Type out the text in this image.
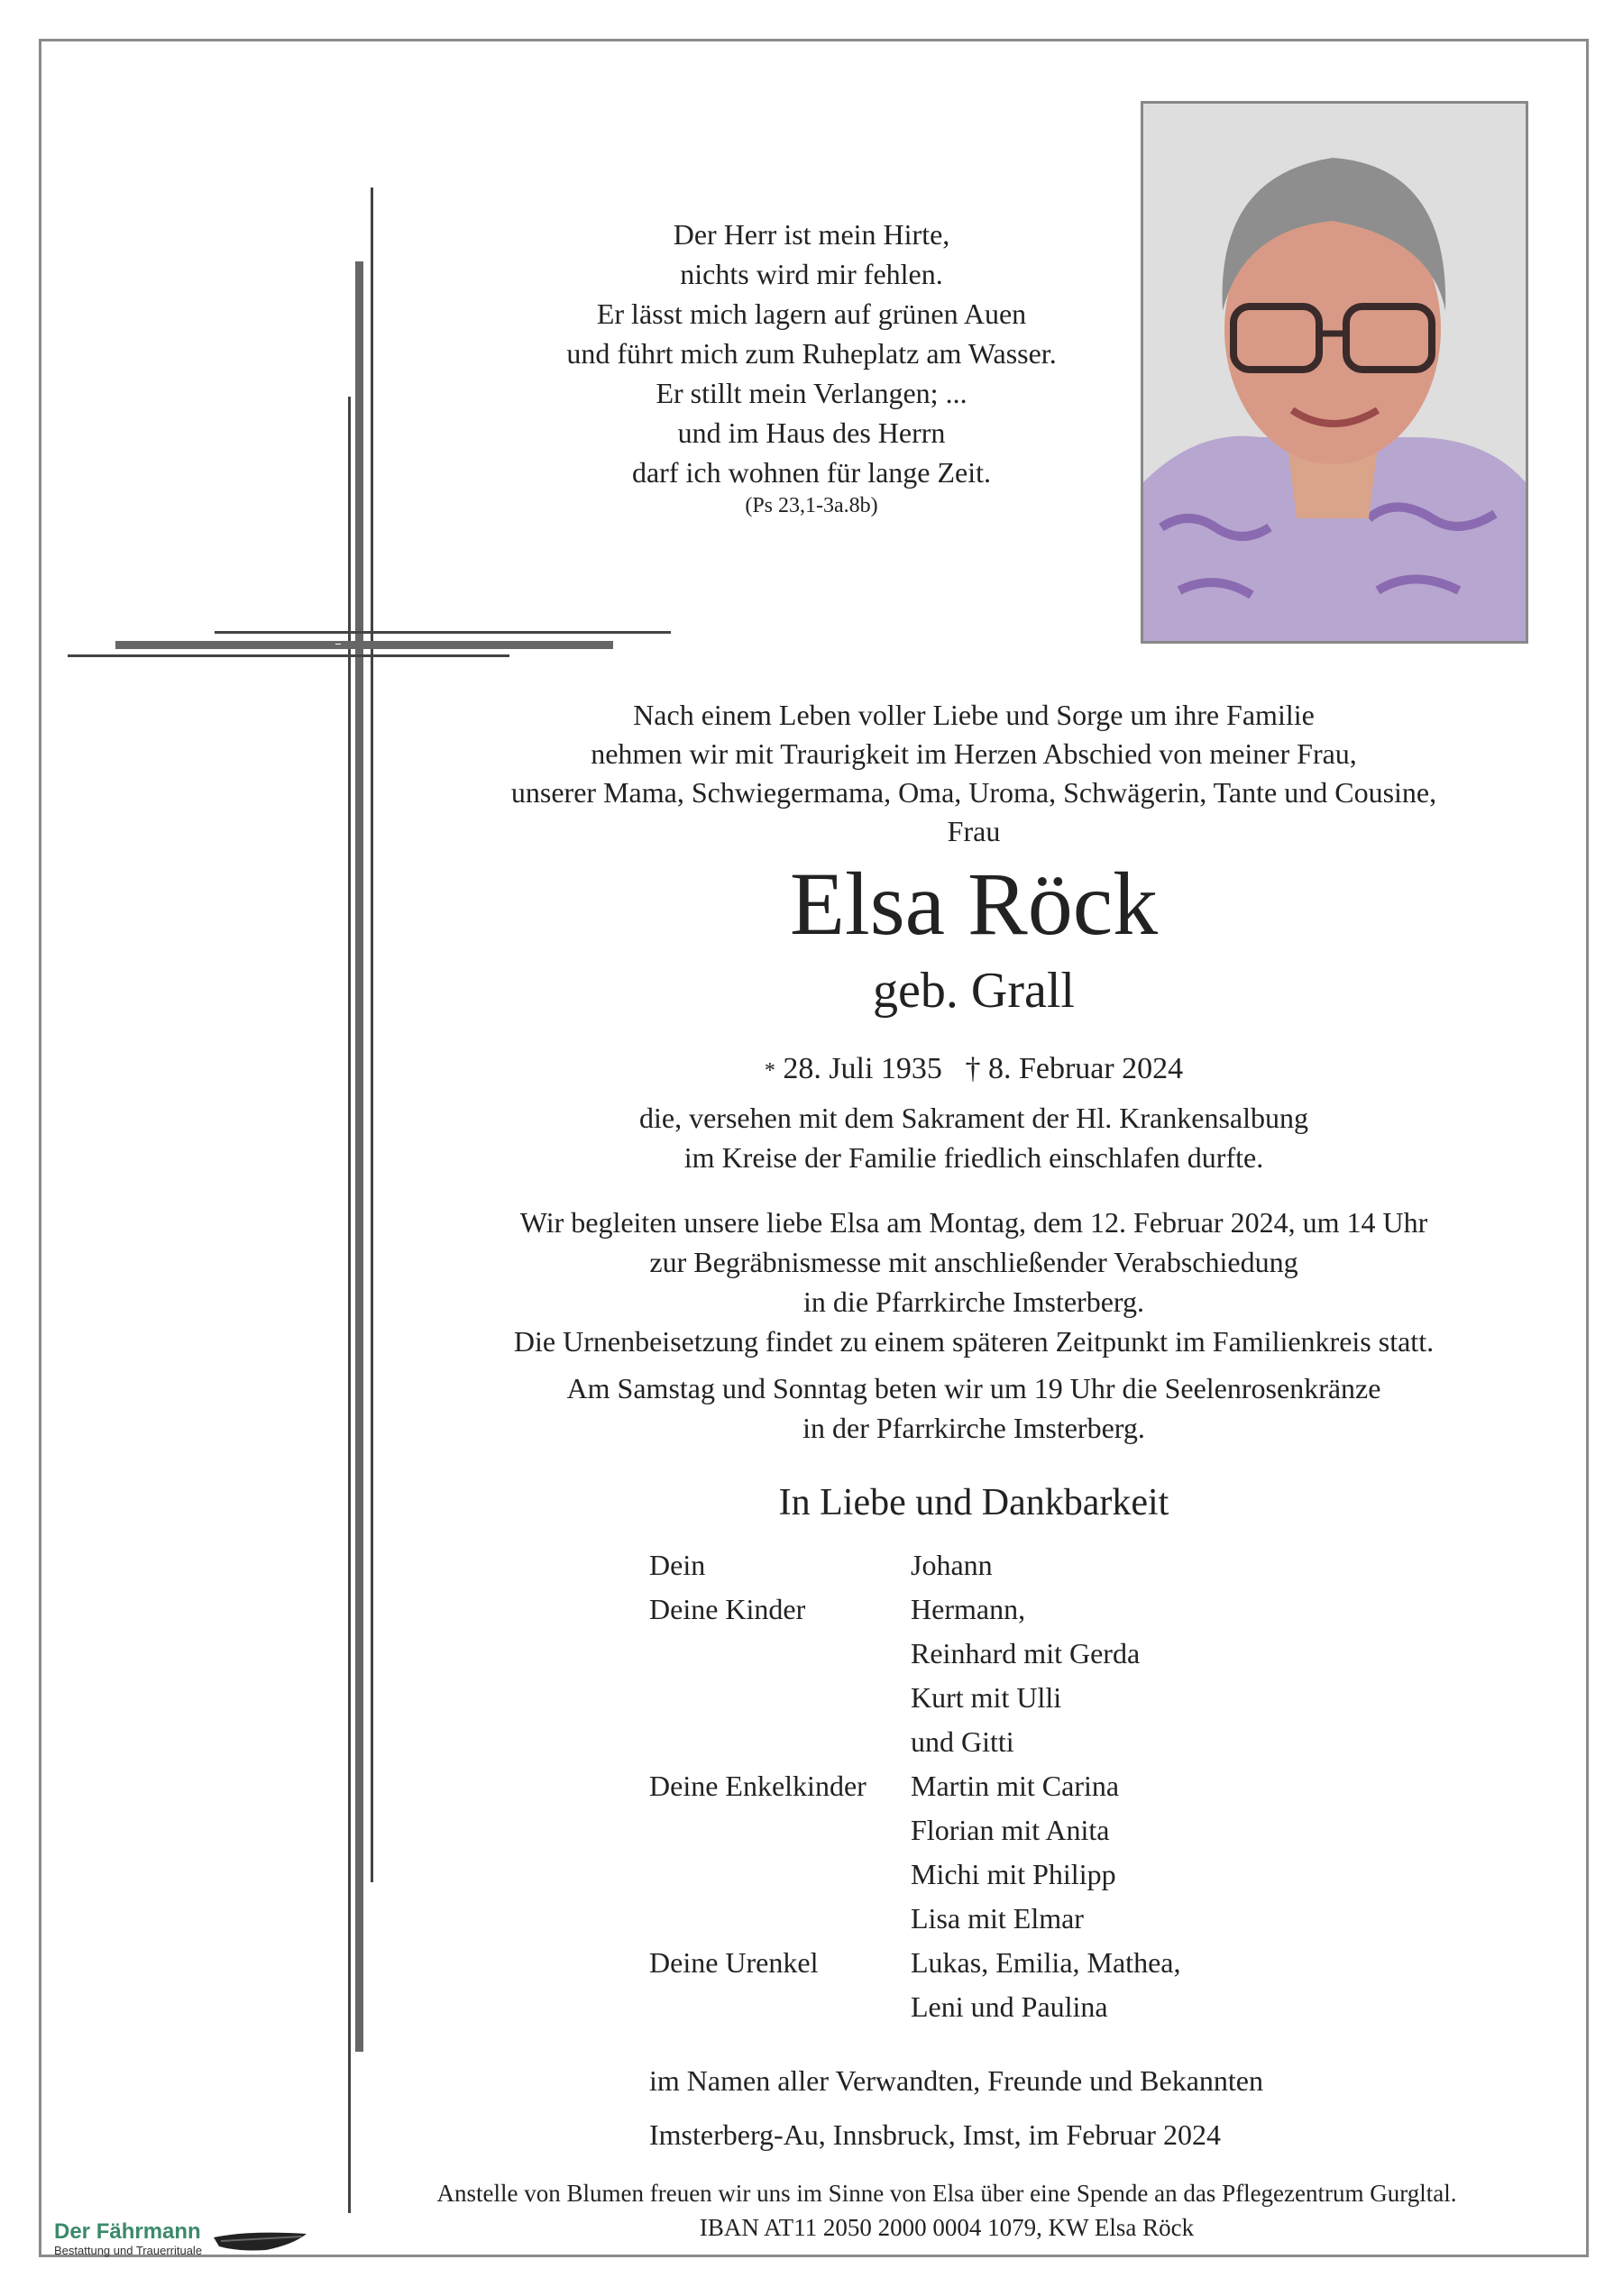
Der Herr ist mein Hirte,
nichts wird mir fehlen.
Er lässt mich lagern auf grünen Auen
und führt mich zum Ruheplatz am Wasser.
Er stillt mein Verlangen; ...
und im Haus des Herrn
darf ich wohnen für lange Zeit.
(Ps 23,1-3a.8b)
Nach einem Leben voller Liebe und Sorge um ihre Familie
nehmen wir mit Traurigkeit im Herzen Abschied von meiner Frau,
unserer Mama, Schwiegermama, Oma, Uroma, Schwägerin, Tante und Cousine,
Frau
Elsa Röck
geb. Grall
* 28. Juli 1935 † 8. Februar 2024
die, versehen mit dem Sakrament der Hl. Krankensalbung
im Kreise der Familie friedlich einschlafen durfte.
Wir begleiten unsere liebe Elsa am Montag, dem 12. Februar 2024, um 14 Uhr
zur Begräbnismesse mit anschließender Verabschiedung
in die Pfarrkirche Imsterberg.
Die Urnenbeisetzung findet zu einem späteren Zeitpunkt im Familienkreis statt.
Am Samstag und Sonntag beten wir um 19 Uhr die Seelenrosenkränze
in der Pfarrkirche Imsterberg.
In Liebe und Dankbarkeit
Dein	Johann
Deine Kinder	Hermann,
Reinhard mit Gerda
Kurt mit Ulli
und Gitti
Deine Enkelkinder	Martin mit Carina
Florian mit Anita
Michi mit Philipp
Lisa mit Elmar
Deine Urenkel	Lukas, Emilia, Mathea,
Leni und Paulina
im Namen aller Verwandten, Freunde und Bekannten
Imsterberg-Au, Innsbruck, Imst, im Februar 2024
Anstelle von Blumen freuen wir uns im Sinne von Elsa über eine Spende an das Pflegezentrum Gurgltal.
IBAN AT11 2050 2000 0004 1079, KW Elsa Röck
Der Fährmann
Bestattung und Trauerrituale
